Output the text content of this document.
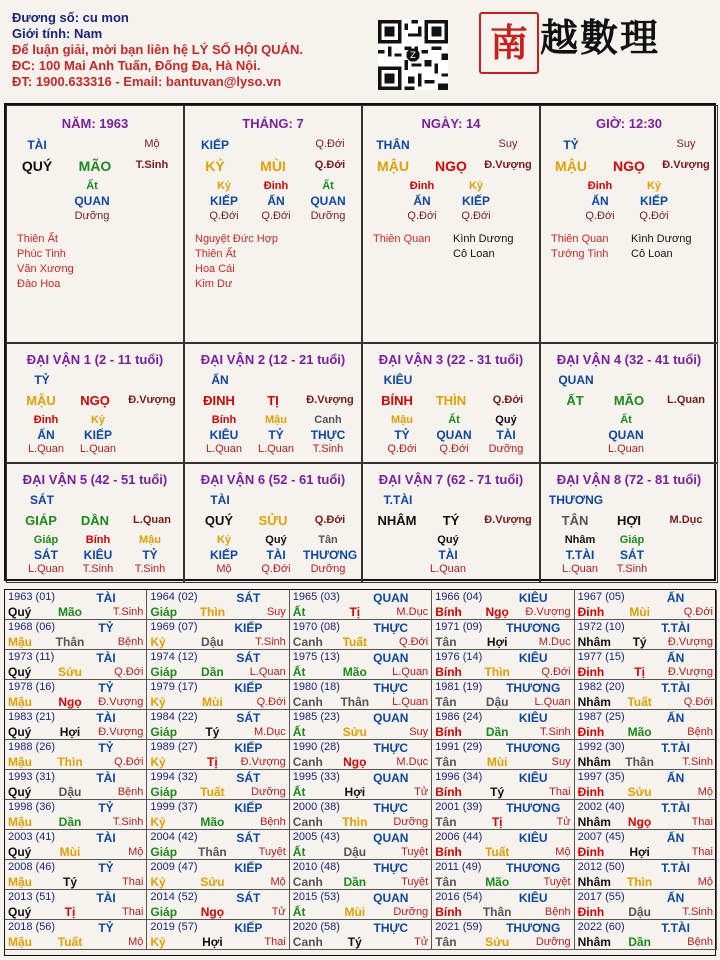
Đương số: cu mon
Giới tính: Nam
Để luận giải, mời bạn liên hệ LÝ SỐ HỘI QUÁN.
ĐC: 100 Mai Anh Tuấn, Đống Đa, Hà Nội.
ĐT: 1900.633316 - Email: bantuvan@lyso.vn
Z 南 越數理
NĂM: 1963
TÀI	Mộ
QUÝ	MÃO	T.Sinh
Ất
QUAN
Dưỡng
Thiên Ất
Phúc Tinh
Văn Xương
Đào Hoa
THÁNG: 7
KIẾP	Q.Đới
KỶ	MÙI	Q.Đới
Kỷ
KIẾP
Q.Đới
Đinh
ẤN
Q.Đới
Ất
QUAN
Dưỡng
Nguyệt Đức Hợp
Thiên Ất
Hoa Cái
Kim Dư
NGÀY: 14
THÂN	Suy
MẬU	NGỌ	Đ.Vượng
Đinh
ẤN
Q.Đới
Kỷ
KIẾP
Q.Đới
Thiên Quan Kình Dương
Cô Loan
GIỜ: 12:30
TỶ	Suy
MẬU	NGỌ	Đ.Vượng
Đinh
ẤN
Q.Đới
Kỷ
KIẾP
Q.Đới
Thiên Quan
Tướng Tinh
Kình Dương
Cô Loan
ĐẠI VẬN 1 (2 - 11 tuổi)
TỶ
MẬU	NGỌ	Đ.Vượng
Đinh
ẤN
L.Quan
Kỷ
KIẾP
L.Quan
ĐẠI VẬN 2 (12 - 21 tuổi)
ẤN
ĐINH	TỊ	Đ.Vượng
Bính
KIÊU
L.Quan
Mậu
TỶ
L.Quan
Canh
THỰC
T.Sinh
ĐẠI VẬN 3 (22 - 31 tuổi)
KIÊU
BÍNH	THÌN	Q.Đới
Mậu
TỶ
Q.Đới
Ất
QUAN
Q.Đới
Quý
TÀI
Dưỡng
ĐẠI VẬN 4 (32 - 41 tuổi)
QUAN
ẤT	MÃO	L.Quan
Ất
QUAN
L.Quan
ĐẠI VẬN 5 (42 - 51 tuổi)
SÁT
GIÁP	DẦN	L.Quan
Giáp
SÁT
L.Quan
Bính
KIÊU
T.Sinh
Mậu
TỶ
T.Sinh
ĐẠI VẬN 6 (52 - 61 tuổi)
TÀI
QUÝ	SỬU	Q.Đới
Kỷ
KIẾP
Mộ
Quý
TÀI
Q.Đới
Tân
THƯƠNG
Dưỡng
ĐẠI VẬN 7 (62 - 71 tuổi)
T.TÀI
NHÂM	TÝ	Đ.Vượng
Quý
TÀI
L.Quan
ĐẠI VẬN 8 (72 - 81 tuổi)
THƯƠNG
TÂN	HỢI	M.Dục
Nhâm
T.TÀI
L.Quan
Giáp
SÁT
T.Sinh
1963 (01)	TÀI
Quý	Mão	T.Sinh
1964 (02)	SÁT
Giáp	Thìn	Suy
1965 (03)	QUAN
Ất	Tị	M.Dục
1966 (04)	KIÊU
Bính	Ngọ	Đ.Vượng
1967 (05)	ẤN
Đinh	Mùi	Q.Đới
1968 (06)	TỶ
Mậu	Thân	Bệnh
1969 (07)	KIẾP
Kỷ	Dậu	T.Sinh
1970 (08)	THỰC
Canh	Tuất	Q.Đới
1971 (09)	THƯƠNG
Tân	Hợi	M.Dục
1972 (10)	T.TÀI
Nhâm	Tý	Đ.Vượng
1973 (11)	TÀI
Quý	Sửu	Q.Đới
1974 (12)	SÁT
Giáp	Dần	L.Quan
1975 (13)	QUAN
Ất	Mão	L.Quan
1976 (14)	KIÊU
Bính	Thìn	Q.Đới
1977 (15)	ẤN
Đinh	Tị	Đ.Vượng
1978 (16)	TỶ
Mậu	Ngọ	Đ.Vượng
1979 (17)	KIẾP
Kỷ	Mùi	Q.Đới
1980 (18)	THỰC
Canh	Thân	L.Quan
1981 (19)	THƯƠNG
Tân	Dậu	L.Quan
1982 (20)	T.TÀI
Nhâm	Tuất	Q.Đới
1983 (21)	TÀI
Quý	Hợi	Đ.Vượng
1984 (22)	SÁT
Giáp	Tý	M.Dục
1985 (23)	QUAN
Ất	Sửu	Suy
1986 (24)	KIÊU
Bính	Dần	T.Sinh
1987 (25)	ẤN
Đinh	Mão	Bệnh
1988 (26)	TỶ
Mậu	Thìn	Q.Đới
1989 (27)	KIẾP
Kỷ	Tị	Đ.Vượng
1990 (28)	THỰC
Canh	Ngọ	M.Dục
1991 (29)	THƯƠNG
Tân	Mùi	Suy
1992 (30)	T.TÀI
Nhâm	Thân	T.Sinh
1993 (31)	TÀI
Quý	Dậu	Bệnh
1994 (32)	SÁT
Giáp	Tuất	Dưỡng
1995 (33)	QUAN
Ất	Hợi	Tử
1996 (34)	KIÊU
Bính	Tý	Thai
1997 (35)	ẤN
Đinh	Sửu	Mộ
1998 (36)	TỶ
Mậu	Dần	T.Sinh
1999 (37)	KIẾP
Kỷ	Mão	Bệnh
2000 (38)	THỰC
Canh	Thìn	Dưỡng
2001 (39)	THƯƠNG
Tân	Tị	Tử
2002 (40)	T.TÀI
Nhâm	Ngọ	Thai
2003 (41)	TÀI
Quý	Mùi	Mộ
2004 (42)	SÁT
Giáp	Thân	Tuyệt
2005 (43)	QUAN
Ất	Dậu	Tuyệt
2006 (44)	KIÊU
Bính	Tuất	Mộ
2007 (45)	ẤN
Đinh	Hợi	Thai
2008 (46)	TỶ
Mậu	Tý	Thai
2009 (47)	KIẾP
Kỷ	Sửu	Mộ
2010 (48)	THỰC
Canh	Dần	Tuyệt
2011 (49)	THƯƠNG
Tân	Mão	Tuyệt
2012 (50)	T.TÀI
Nhâm	Thìn	Mộ
2013 (51)	TÀI
Quý	Tị	Thai
2014 (52)	SÁT
Giáp	Ngọ	Tử
2015 (53)	QUAN
Ất	Mùi	Dưỡng
2016 (54)	KIÊU
Bính	Thân	Bệnh
2017 (55)	ẤN
Đinh	Dậu	T.Sinh
2018 (56)	TỶ
Mậu	Tuất	Mộ
2019 (57)	KIẾP
Kỷ	Hợi	Thai
2020 (58)	THỰC
Canh	Tý	Tử
2021 (59)	THƯƠNG
Tân	Sửu	Dưỡng
2022 (60)	T.TÀI
Nhâm	Dần	Bệnh
